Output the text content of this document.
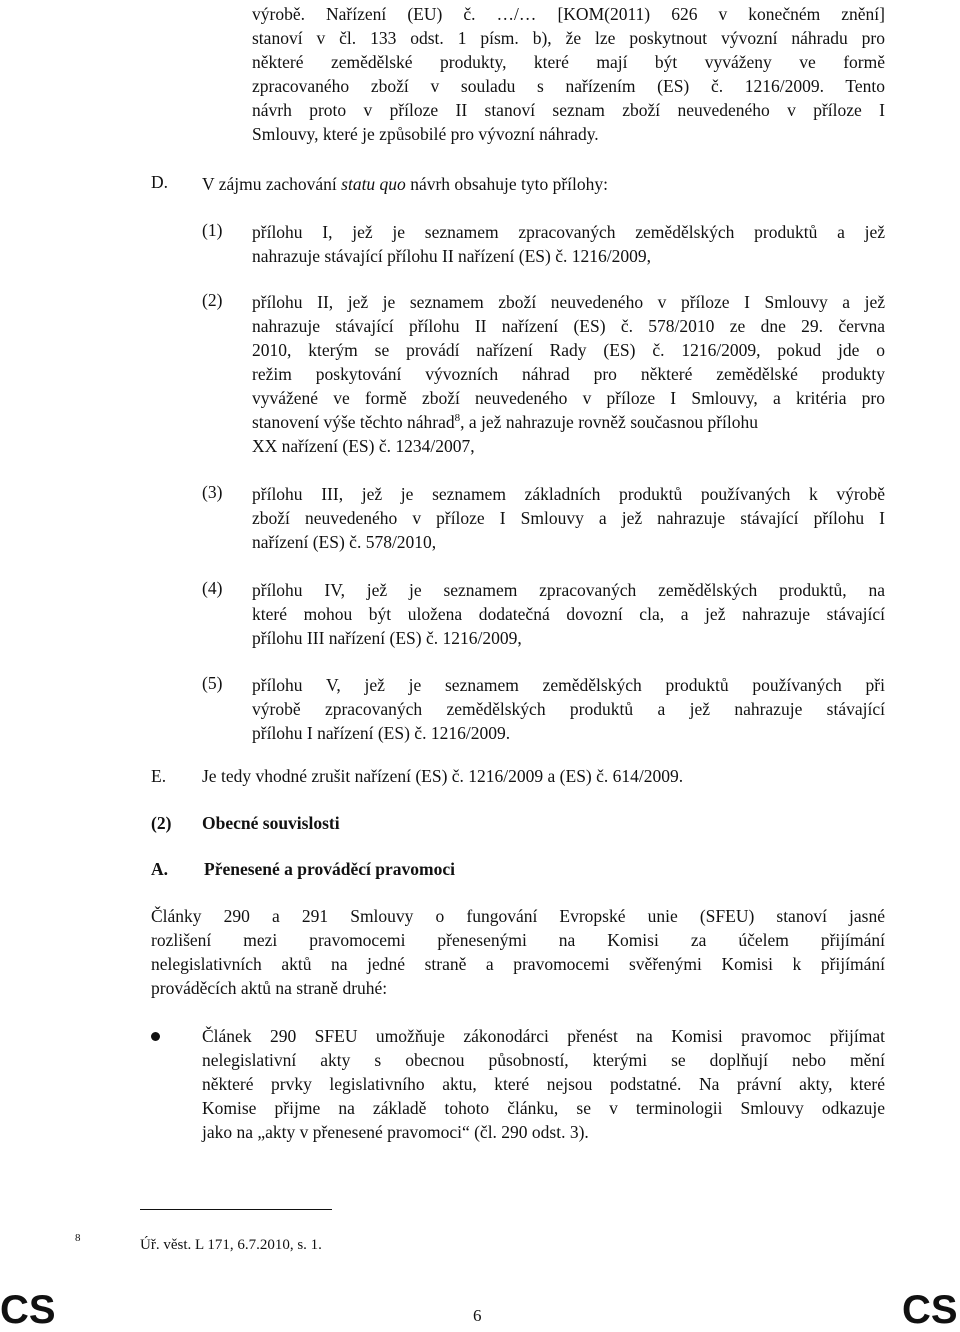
výrobě. Nařízení (EU) č. …/… [KOM(2011) 626 v konečném znění]
stanoví v čl. 133 odst. 1 písm. b), že lze poskytnout vývozní náhradu pro
některé zemědělské produkty, které mají být vyváženy ve formě
zpracovaného zboží v souladu s nařízením (ES) č. 1216/2009. Tento
návrh proto v příloze II stanoví seznam zboží neuvedeného v příloze I
Smlouvy, které je způsobilé pro vývozní náhrady.
D. V zájmu zachování statu quo návrh obsahuje tyto přílohy:
(1) přílohu I, jež je seznamem zpracovaných zemědělských produktů a jež
nahrazuje stávající přílohu II nařízení (ES) č. 1216/2009,
(2) přílohu II, jež je seznamem zboží neuvedeného v příloze I Smlouvy a jež
nahrazuje stávající přílohu II nařízení (ES) č. 578/2010 ze dne 29. června
2010, kterým se provádí nařízení Rady (ES) č. 1216/2009, pokud jde o
režim poskytování vývozních náhrad pro některé zemědělské produkty
vyvážené ve formě zboží neuvedeného v příloze I Smlouvy, a kritéria pro
stanovení výše těchto náhrad$^8$, a jež nahrazuje rovněž současnou přílohu
XX nařízení (ES) č. 1234/2007,
(3) přílohu III, jež je seznamem základních produktů používaných k výrobě
zboží neuvedeného v příloze I Smlouvy a jež nahrazuje stávající přílohu I
nařízení (ES) č. 578/2010,
(4) přílohu IV, jež je seznamem zpracovaných zemědělských produktů, na
které mohou být uložena dodatečná dovozní cla, a jež nahrazuje stávající
přílohu III nařízení (ES) č. 1216/2009,
(5) přílohu V, jež je seznamem zemědělských produktů používaných při
výrobě zpracovaných zemědělských produktů a jež nahrazuje stávající
přílohu I nařízení (ES) č. 1216/2009.
E. Je tedy vhodné zrušit nařízení (ES) č. 1216/2009 a (ES) č. 614/2009.
(2) Obecné souvislosti
A. Přenesené a prováděcí pravomoci
Články 290 a 291 Smlouvy o fungování Evropské unie (SFEU) stanoví jasné
rozlišení mezi pravomocemi přenesenými na Komisi za účelem přijímání
nelegislativních aktů na jedné straně a pravomocemi svěřenými Komisi k přijímání
prováděcích aktů na straně druhé:
Článek 290 SFEU umožňuje zákonodárci přenést na Komisi pravomoc přijímat
nelegislativní akty s obecnou působností, kterými se doplňují nebo mění
některé prvky legislativního aktu, které nejsou podstatné. Na právní akty, které
Komise přijme na základě tohoto článku, se v terminologii Smlouvy odkazuje
jako na „akty v přenesené pravomoci“ (čl. 290 odst. 3).
8	Úř. věst. L 171, 6.7.2010, s. 1.
CS	6	CS
